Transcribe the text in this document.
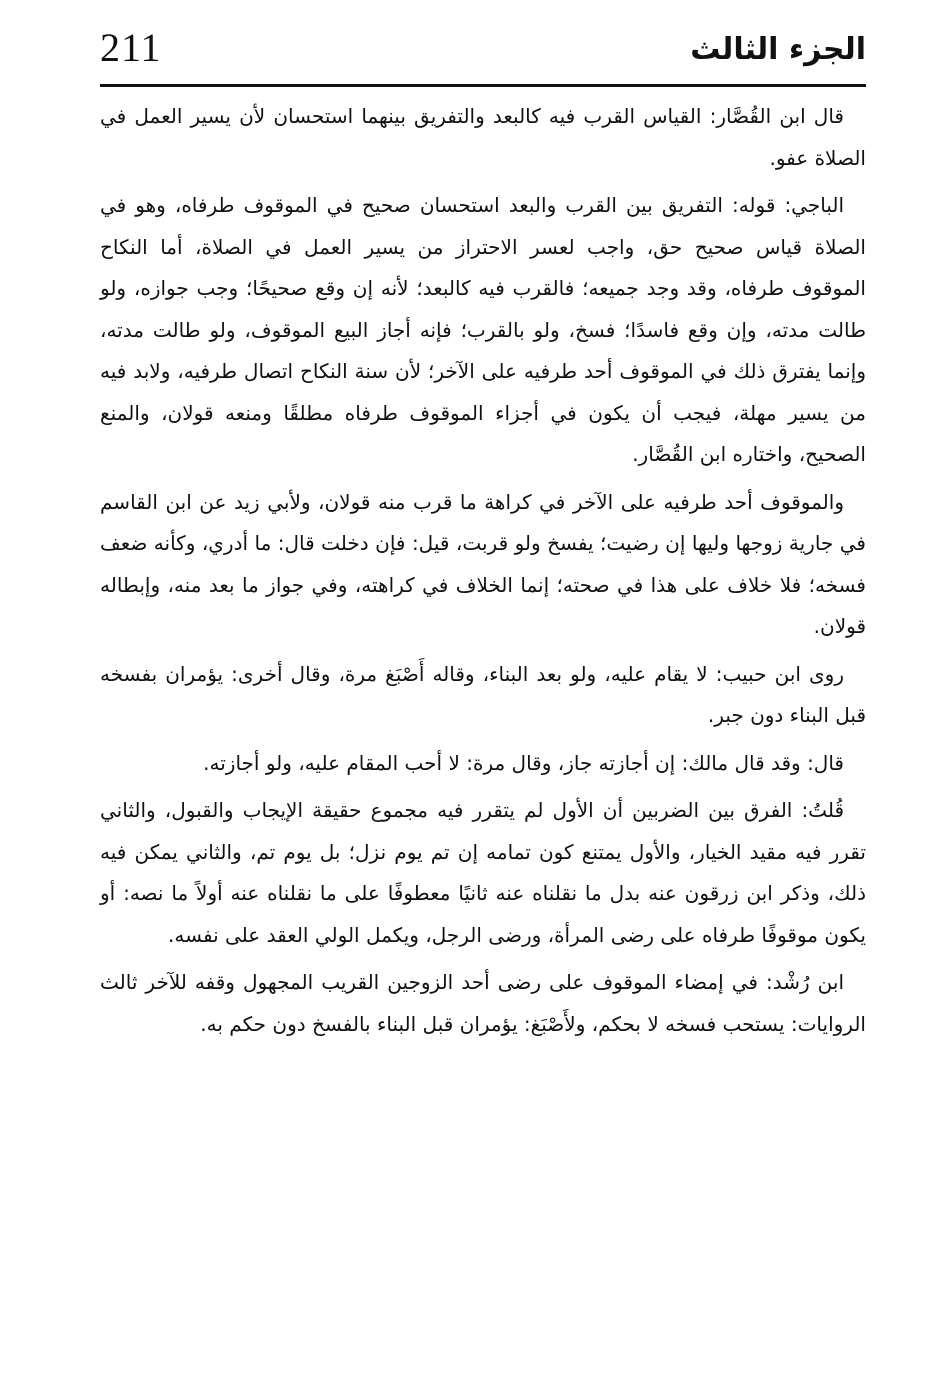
211	الجزء الثالث

قال ابن القُصَّار: القياس القرب فيه كالبعد والتفريق بينهما استحسان لأن يسير العمل في الصلاة عفو.

الباجي: قوله: التفريق بين القرب والبعد استحسان صحيح في الموقوف طرفاه، وهو في الصلاة قياس صحيح حق، واجب لعسر الاحتراز من يسير العمل في الصلاة، أما النكاح الموقوف طرفاه، وقد وجد جميعه؛ فالقرب فيه كالبعد؛ لأنه إن وقع صحيحًا؛ وجب جوازه، ولو طالت مدته، وإن وقع فاسدًا؛ فسخ، ولو بالقرب؛ فإنه أجاز البيع الموقوف، ولو طالت مدته، وإنما يفترق ذلك في الموقوف أحد طرفيه على الآخر؛ لأن سنة النكاح اتصال طرفيه، ولابد فيه من يسير مهلة، فيجب أن يكون في أجزاء الموقوف طرفاه مطلقًا ومنعه قولان، والمنع الصحيح، واختاره ابن القُصَّار.

والموقوف أحد طرفيه على الآخر في كراهة ما قرب منه قولان، ولأبي زيد عن ابن القاسم في جارية زوجها وليها إن رضيت؛ يفسخ ولو قربت، قيل: فإن دخلت قال: ما أدري، وكأنه ضعف فسخه؛ فلا خلاف على هذا في صحته؛ إنما الخلاف في كراهته، وفي جواز ما بعد منه، وإبطاله قولان.

روى ابن حبيب: لا يقام عليه، ولو بعد البناء، وقاله أَصْبَغ مرة، وقال أخرى: يؤمران بفسخه قبل البناء دون جبر.

قال: وقد قال مالك: إن أجازته جاز، وقال مرة: لا أحب المقام عليه، ولو أجازته.

قُلتُ: الفرق بين الضربين أن الأول لم يتقرر فيه مجموع حقيقة الإيجاب والقبول، والثاني تقرر فيه مقيد الخيار، والأول يمتنع كون تمامه إن تم يوم نزل؛ بل يوم تم، والثاني يمكن فيه ذلك، وذكر ابن زرقون عنه بدل ما نقلناه عنه ثانيًا معطوفًا على ما نقلناه عنه أولاً ما نصه: أو يكون موقوفًا طرفاه على رضى المرأة، ورضى الرجل، ويكمل الولي العقد على نفسه.

ابن رُشْد: في إمضاء الموقوف على رضى أحد الزوجين القريب المجهول وقفه للآخر ثالث الروايات: يستحب فسخه لا بحكم، ولأَصْبَغ: يؤمران قبل البناء بالفسخ دون حكم به.
